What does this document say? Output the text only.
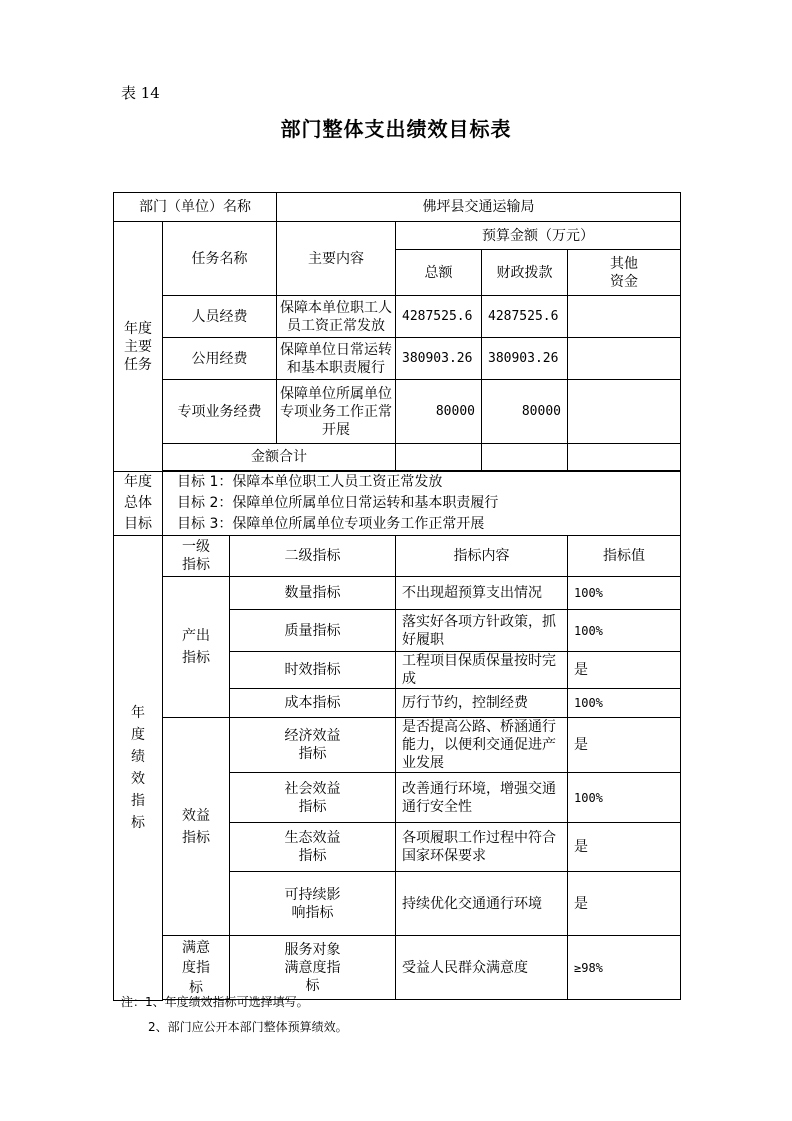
表 14
部门整体支出绩效目标表
部门（单位）名称			佛坪县交通运输局			
年度主要任务	任务名称		主要内容	预算金额（万元）		
				总额	财政拨款	其他资金
	人员经费		保障本单位职工人员工资正常发放	4287525.6	4287525.6	
	公用经费		保障单位日常运转和基本职责履行	380903.26	380903.26	
	专项业务经费		保障单位所属单位专项业务工作正常开展	80000	80000	
	金额合计					

年度总体目标	目标 1：保障本单位职工人员工资正常发放
目标 2：保障单位所属单位日常运转和基本职责履行
目标 3：保障单位所属单位专项业务工作正常开展					

年度绩效指标	一级指标	二级指标		指标内容		指标值
	产出指标	数量指标		不出现超预算支出情况		100%
		质量指标		落实好各项方针政策，抓好履职		100%
		时效指标		工程项目保质保量按时完成		是
		成本指标		厉行节约，控制经费		100%
	效益指标	经济效益指标		是否提高公路、桥涵通行能力，以便利交通促进产业发展		是
		社会效益指标		改善通行环境，增强交通通行安全性		100%
		生态效益指标		各项履职工作过程中符合国家环保要求		是
		可持续影响指标		持续优化交通通行环境		是
	满意度指标	服务对象满意度指标		受益人民群众满意度		≥98%

注：1、年度绩效指标可选择填写。
2、部门应公开本部门整体预算绩效。
